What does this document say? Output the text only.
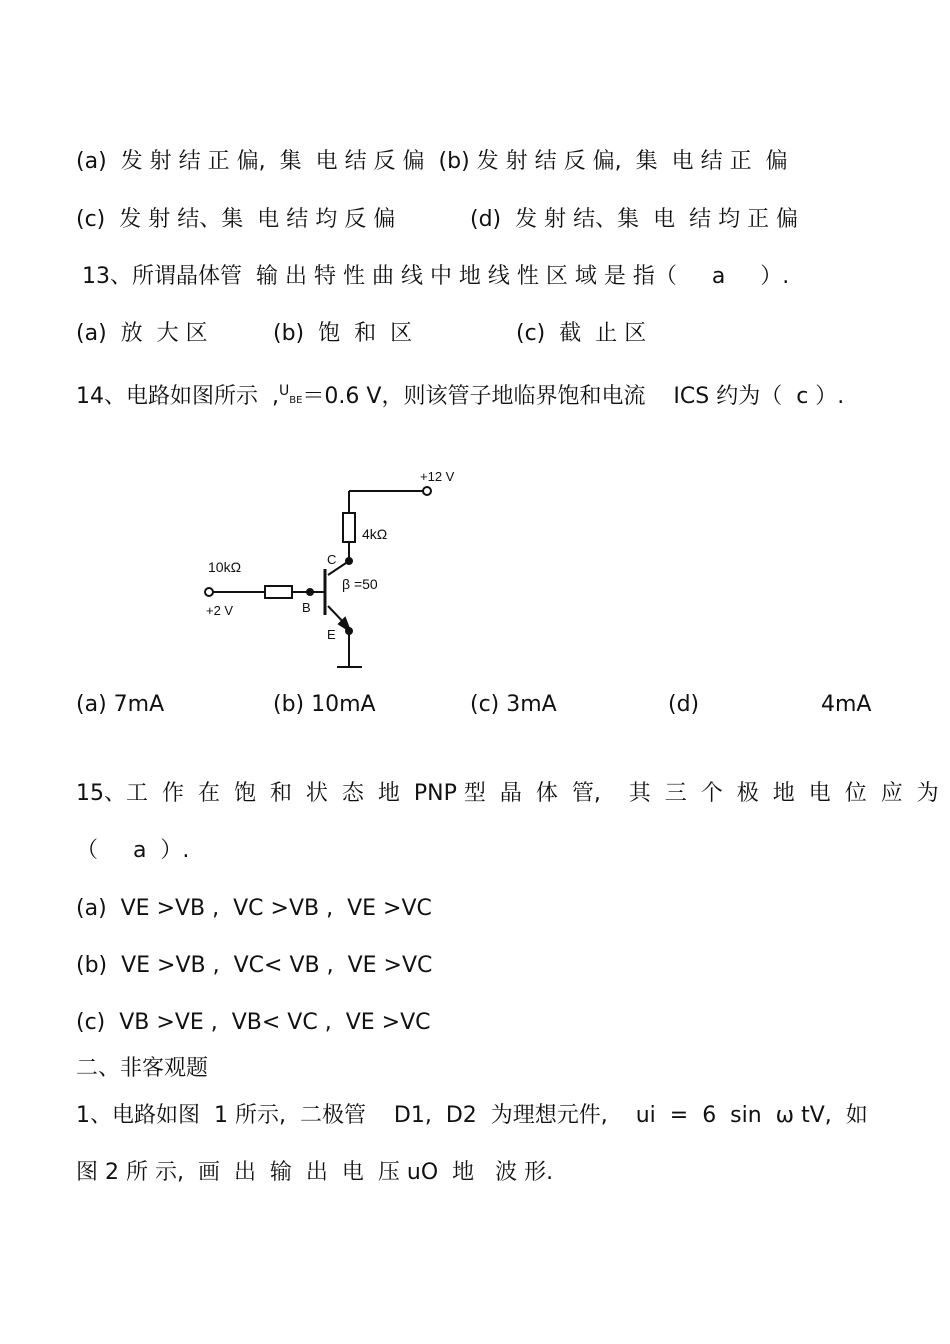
(a)  发 射 结 正 偏,  集  电 结 反 偏  (b) 发 射 结 反 偏,  集  电 结 正  偏
(c)  发 射 结、集  电 结 均 反 偏	(d)  发 射 结、集  电  结 均 正 偏
13、所谓晶体管  输 出 特 性 曲 线 中 地 线 性 区 域 是 指（     a     ）.
(a)  放  大 区	(b)  饱  和  区	(c)  截  止 区
14、电路如图所示  ,$^U$BE＝0.6 V，则该管子地临界饱和电流    ICS 约为（  c ）.
+12 V
4kΩ
10kΩ
+2 V
C
B
E
β =50
(a) 7mA	(b) 10mA	(c) 3mA	(d)	4mA
15、工  作  在  饱  和  状  态  地  PNP 型  晶  体  管,    其  三  个  极  地  电  位  应  为
（     a  ）.
(a)  VE >VB ,  VC >VB ,  VE >VC
(b)  VE >VB ,  VC< VB ,  VE >VC
(c)  VB >VE ,  VB< VC ,  VE >VC
二、非客观题
1、电路如图  1 所示,  二极管    D1,  D2  为理想元件,    ui  =  6  sin  ω tV,  如
图 2 所 示,  画  出  输  出  电  压 uO  地   波 形.
